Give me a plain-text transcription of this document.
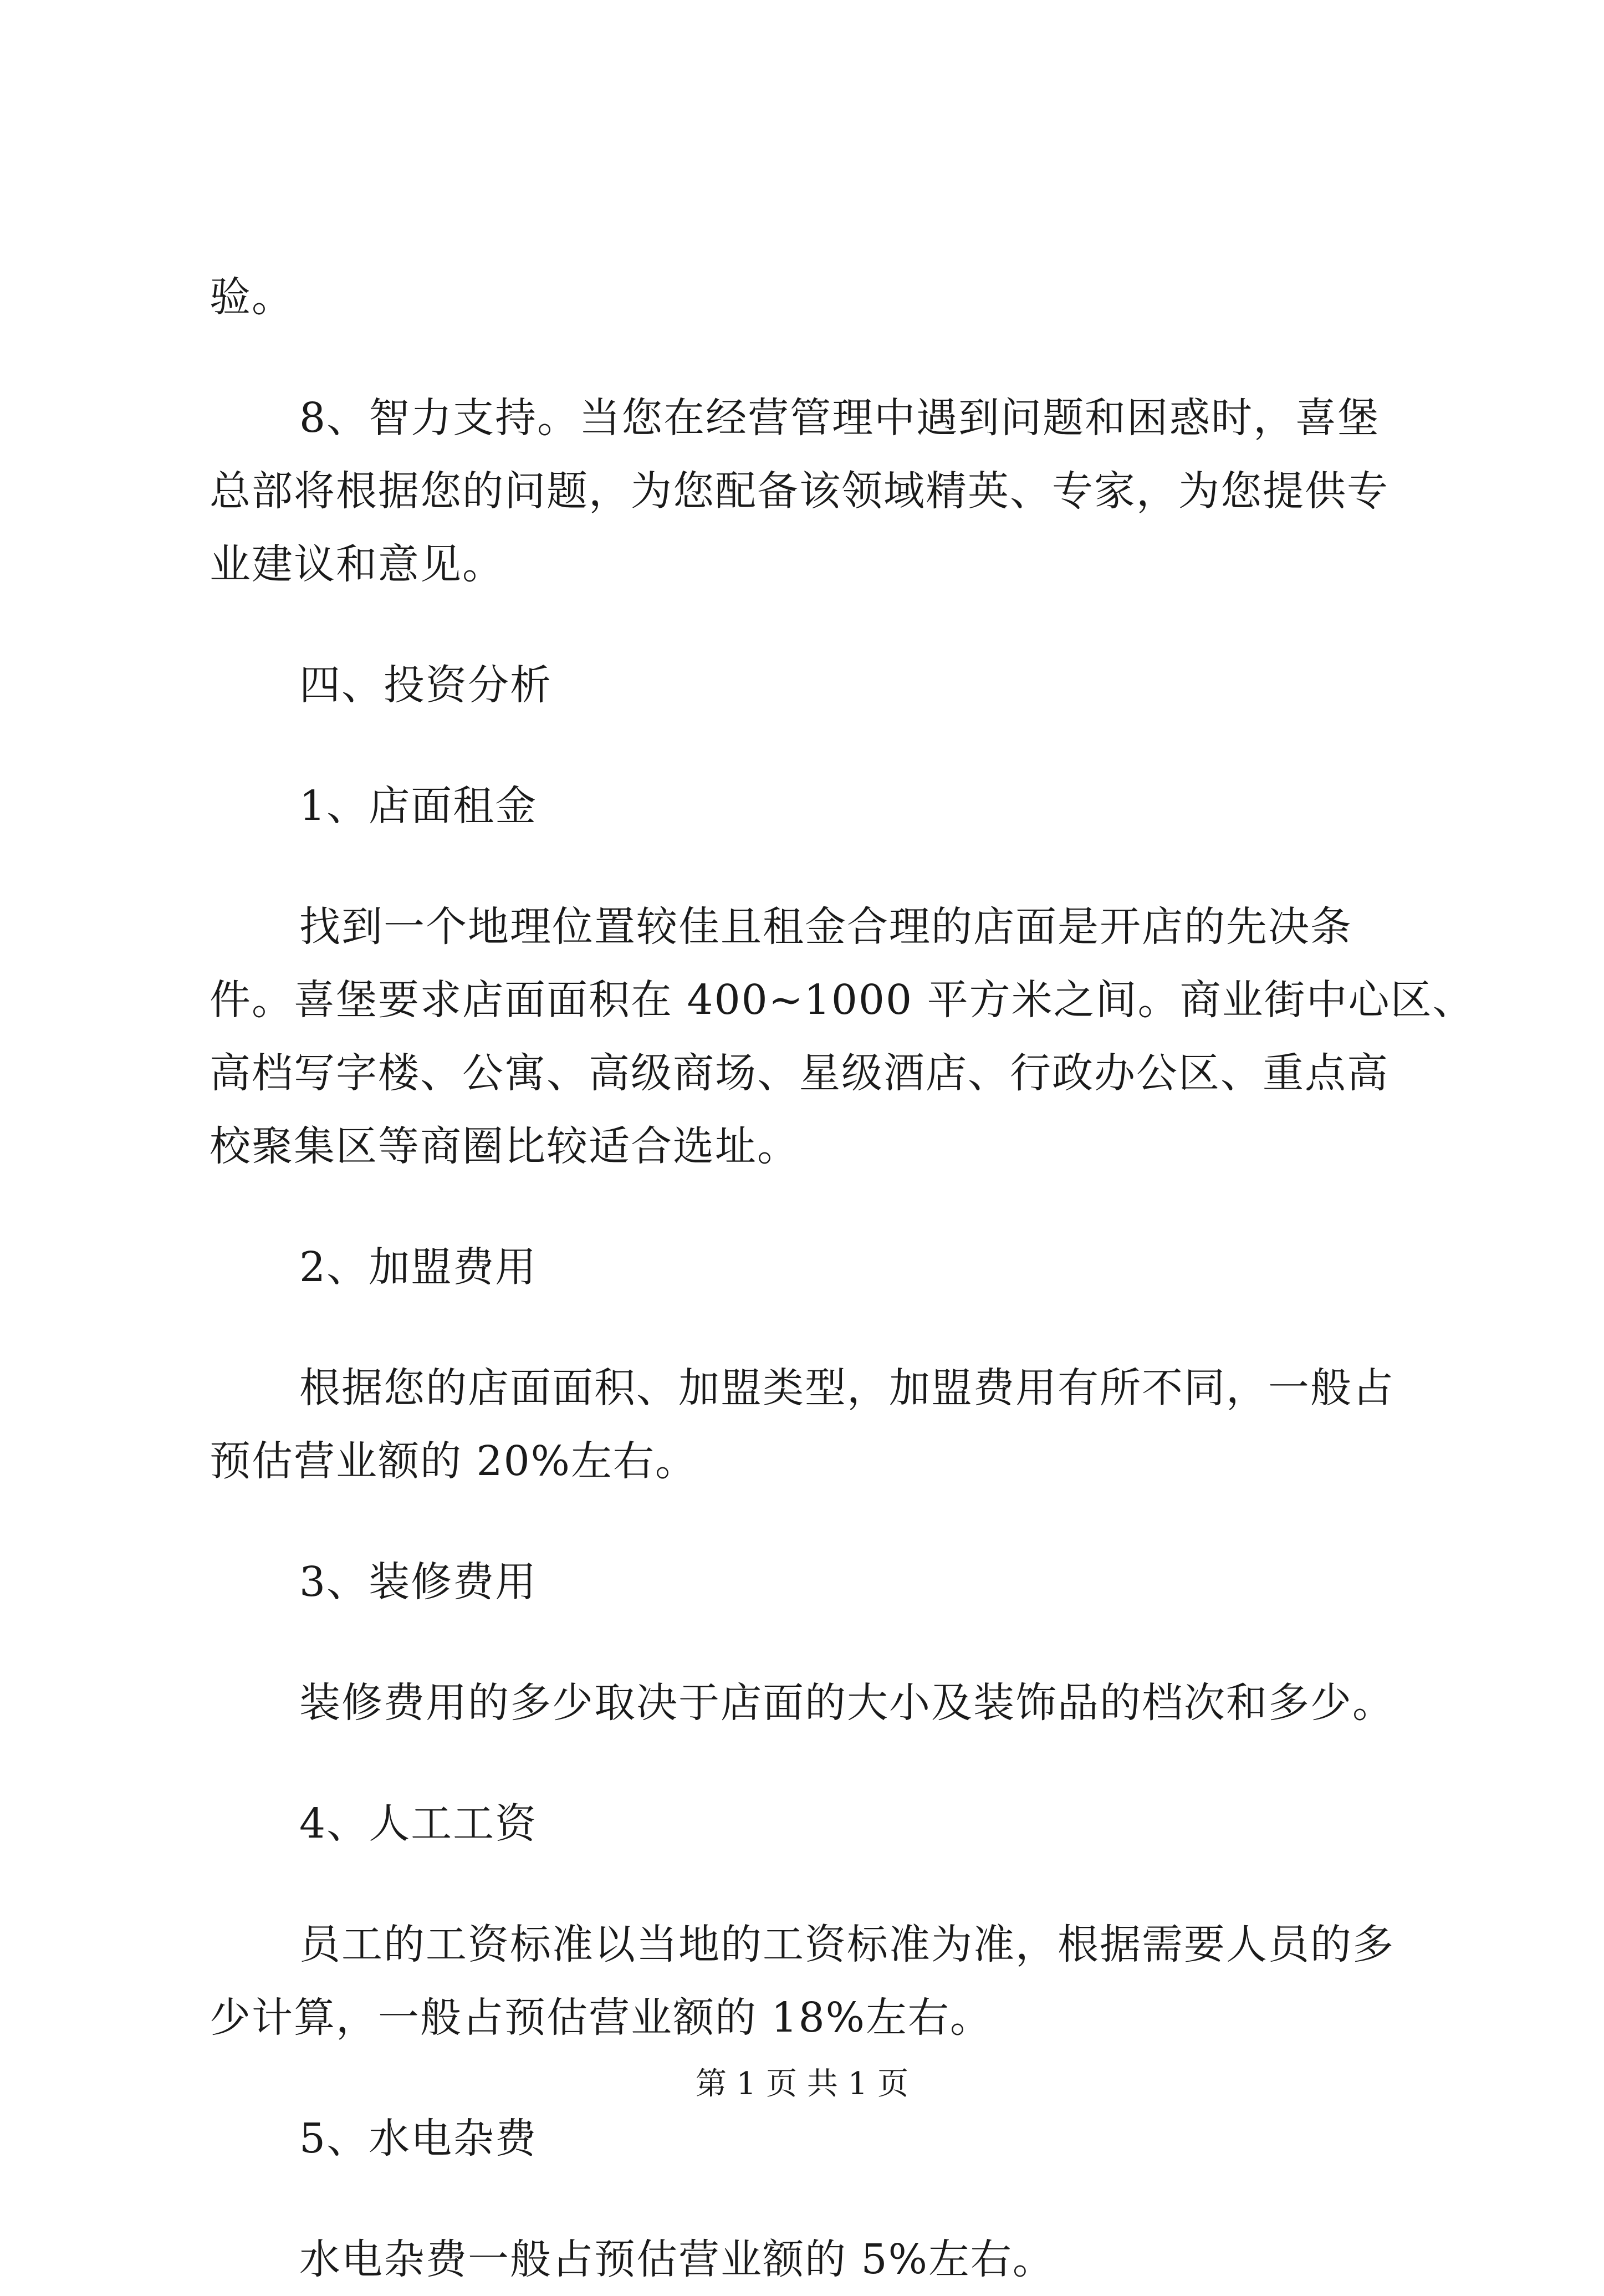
验。
8、智力支持。当您在经营管理中遇到问题和困惑时，喜堡
总部将根据您的问题，为您配备该领域精英、专家，为您提供专
业建议和意见。
四、投资分析
1、店面租金
找到一个地理位置较佳且租金合理的店面是开店的先决条
件。喜堡要求店面面积在 400~1000 平方米之间。商业街中心区、
高档写字楼、公寓、高级商场、星级酒店、行政办公区、重点高
校聚集区等商圈比较适合选址。
2、加盟费用
根据您的店面面积、加盟类型，加盟费用有所不同，一般占
预估营业额的 20%左右。
3、装修费用
装修费用的多少取决于店面的大小及装饰品的档次和多少。
4、人工工资
员工的工资标准以当地的工资标准为准，根据需要人员的多
少计算，一般占预估营业额的 18%左右。
5、水电杂费
水电杂费一般占预估营业额的 5%左右。
第 1 页 共 1 页
